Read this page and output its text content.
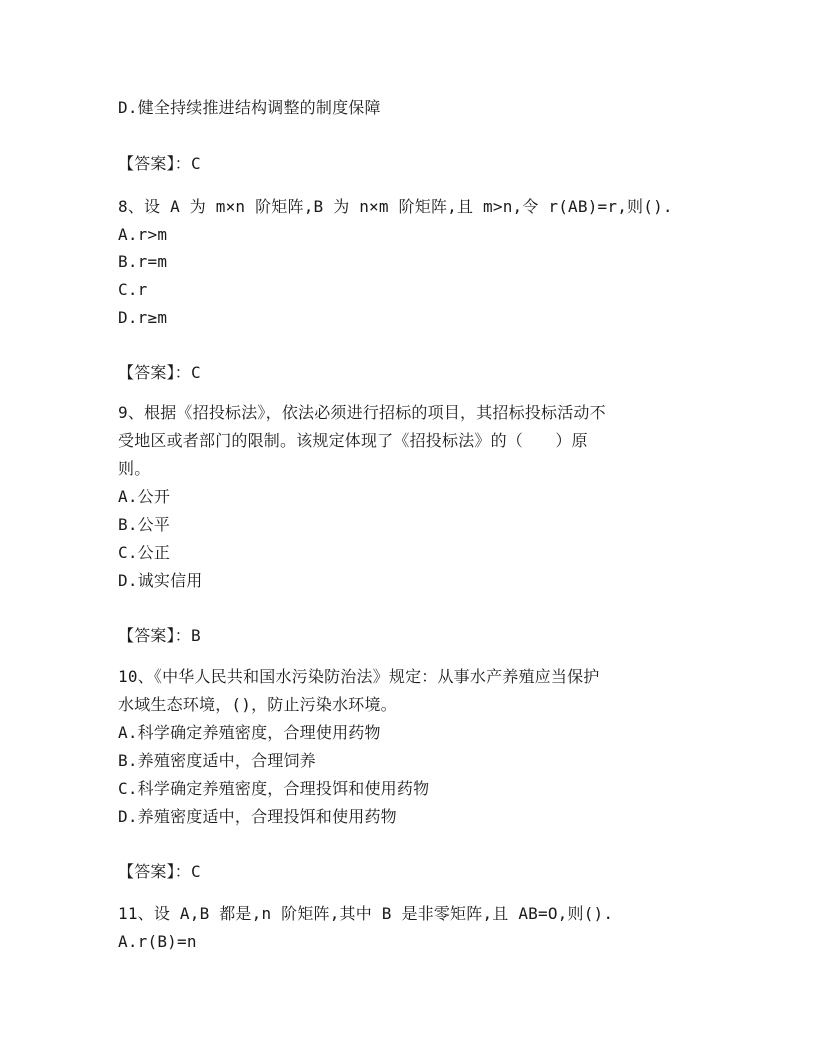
D.健全持续推进结构调整的制度保障
【答案】：C
8、设 A 为 m×n 阶矩阵,B 为 n×m 阶矩阵,且 m>n,令 r(AB)=r,则().
A.r>m
B.r=m
C.r
D.r≥m
【答案】：C
9、根据《招投标法》，依法必须进行招标的项目，其招标投标活动不
受地区或者部门的限制。该规定体现了《招投标法》的（　　）原
则。
A.公开
B.公平
C.公正
D.诚实信用
【答案】：B
10、《中华人民共和国水污染防治法》规定：从事水产养殖应当保护
水域生态环境，()，防止污染水环境。
A.科学确定养殖密度，合理使用药物
B.养殖密度适中，合理饲养
C.科学确定养殖密度，合理投饵和使用药物
D.养殖密度适中，合理投饵和使用药物
【答案】：C
11、设 A,B 都是,n 阶矩阵,其中 B 是非零矩阵,且 AB=O,则().
A.r(B)=n
